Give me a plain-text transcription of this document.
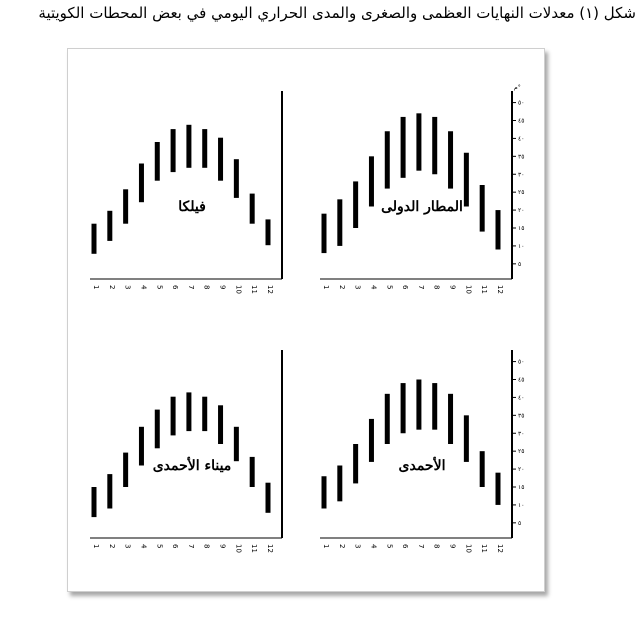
شكل (١) معدلات النهايات العظمى والصغرى والمدى الحراري اليومي في بعض المحطات الكويتية
1 2 3 4 5 6 7 8 9 10 11 12
فيلكا
٥
١٠
١٥
٢٠
٢٥
٣٠
٣٥
٤٠
٤٥
٥٠
م°
1 2 3 4 5 6 7 8 9 10 11 12
المطار الدولى
1 2 3 4 5 6 7 8 9 10 11 12
ميناء الأحمدى
٥
١٠
١٥
٢٠
٢٥
٣٠
٣٥
٤٠
٤٥
٥٠
1 2 3 4 5 6 7 8 9 10 11 12
الأحمدى
